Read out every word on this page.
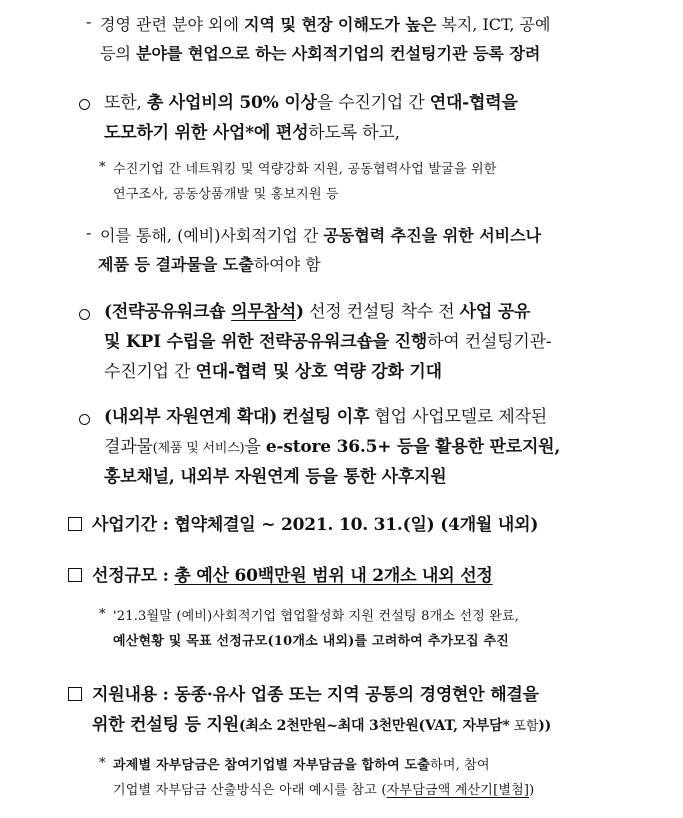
- 경영 관련 분야 외에 지역 및 현장 이해도가 높은 복지, ICT, 공예
등의 분야를 현업으로 하는 사회적기업의 컨설팅기관 등록 장려
또한, 총 사업비의 50% 이상을 수진기업 간 연대-협력을
도모하기 위한 사업*에 편성하도록 하고,
* 수진기업 간 네트워킹 및 역량강화 지원, 공동협력사업 발굴을 위한
연구조사, 공동상품개발 및 홍보지원 등
- 이를 통해, (예비)사회적기업 간 공동협력 추진을 위한 서비스나
제품 등 결과물을 도출하여야 함
(전략공유워크숍 의무참석) 선정 컨설팅 착수 전 사업 공유
및 KPI 수립을 위한 전략공유워크숍을 진행하여 컨설팅기관-
수진기업 간 연대-협력 및 상호 역량 강화 기대
(내외부 자원연계 확대) 컨설팅 이후 협업 사업모델로 제작된
결과물(제품 및 서비스)을 e-store 36.5+ 등을 활용한 판로지원,
홍보채널, 내외부 자원연계 등을 통한 사후지원
사업기간 : 협약체결일 ~ 2021. 10. 31.(일) (4개월 내외)
선정규모 : 총 예산 60백만원 범위 내 2개소 내외 선정
* '21.3월말 (예비)사회적기업 협업활성화 지원 컨설팅 8개소 선정 완료,
예산현황 및 목표 선정규모(10개소 내외)를 고려하여 추가모집 추진
지원내용 : 동종·유사 업종 또는 지역 공통의 경영현안 해결을
위한 컨설팅 등 지원(최소 2천만원~최대 3천만원(VAT, 자부담* 포함))
* 과제별 자부담금은 참여기업별 자부담금을 합하여 도출하며, 참여
기업별 자부담금 산출방식은 아래 예시를 참고 (자부담금액 계산기[별첨])
